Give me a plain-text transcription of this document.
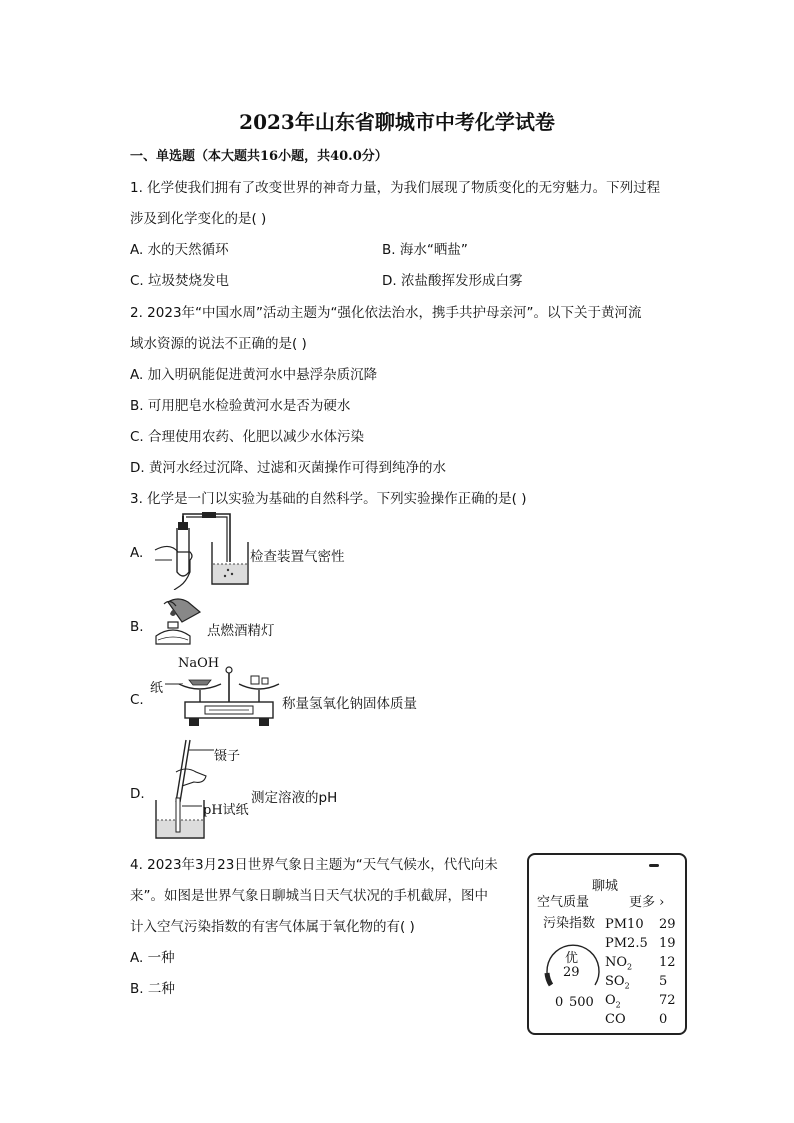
2023年山东省聊城市中考化学试卷
一、单选题（本大题共16小题，共40.0分）
1. 化学使我们拥有了改变世界的神奇力量，为我们展现了物质变化的无穷魅力。下列过程
涉及到化学变化的是( )
A. 水的天然循环	B. 海水“晒盐”
C. 垃圾焚烧发电	D. 浓盐酸挥发形成白雾
2. 2023年“中国水周”活动主题为“强化依法治水，携手共护母亲河”。以下关于黄河流
域水资源的说法不正确的是( )
A. 加入明矾能促进黄河水中悬浮杂质沉降
B. 可用肥皂水检验黄河水是否为硬水
C. 合理使用农药、化肥以减少水体污染
D. 黄河水经过沉降、过滤和灭菌操作可得到纯净的水
3. 化学是一门以实验为基础的自然科学。下列实验操作正确的是( )
A.	检查装置气密性
B.	点燃酒精灯
NaOH
纸
C.	称量氢氧化钠固体质量
镊子
pH试纸
D.	测定溶液的pH
4. 2023年3月23日世界气象日主题为“天气气候水，代代向未
来”。如图是世界气象日聊城当日天气状况的手机截屏，图中
计入空气污染指数的有害气体属于氧化物的有( )
A. 一种
B. 二种
聊城
空气质量	更多 ›
污染指数
优
29
0 500
PM10 29
PM2.5 19
$NO_2$ 12
$SO_2$ 5
$O_2$	72
CO	0
